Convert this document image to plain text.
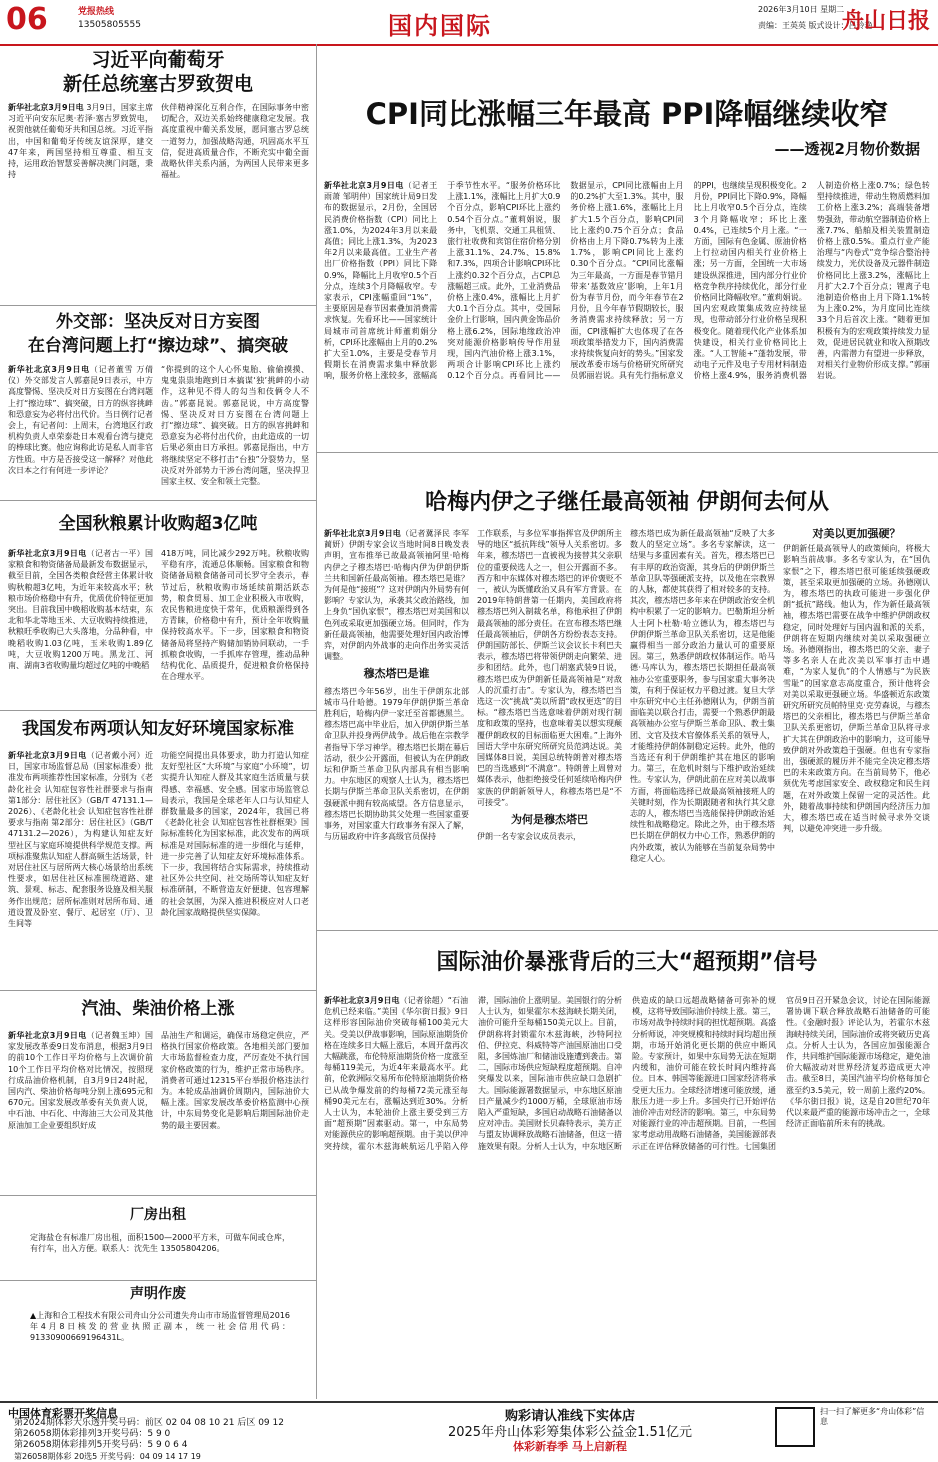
06	党报热线
13505805555	国内国际
2026年3月10日 星期二
责编：王英英 版式设计：吕玲艳
舟山日报
习近平向葡萄牙
新任总统塞古罗致贺电
新华社北京3月9日电 3月9日，国家主席习近平向安东尼奥·若泽·塞古罗致贺电，祝贺他就任葡萄牙共和国总统。习近平指出，中国和葡萄牙传统友谊深厚，建交47年来，两国坚持相互尊重、相互支持，运用政治智慧妥善解决澳门问题，秉持
伙伴精神深化互利合作，在国际事务中密切配合，双边关系始终健康稳定发展。我高度重视中葡关系发展，愿同塞古罗总统一道努力，加强战略沟通，巩固高水平互信，促进高质量合作，不断充实中葡全面战略伙伴关系内涵，为两国人民带来更多福祉。
外交部：坚决反对日方妄图
在台湾问题上打“擦边球”、搞突破
新华社北京3月9日电（记者董雪 万倩仪）外交部发言人郭嘉昆9日表示，中方高度警惕、坚决反对日方妄图在台湾问题上打“擦边球”、搞突破，日方的纵容挑衅和恐意妄为必将付出代价。当日例行记者会上，有记者问：上周末，台湾地区行政机构负责人卓荣泰赴日本观看台湾与捷克的棒球比赛。他应询称此访是私人而非官方性质。中方是否接受这一解释？对他此次日本之行有何进一步评论？
“你提到的这个人心怀鬼胎、偷偷摸摸、鬼鬼祟祟地跑到日本搞谋‘独’挑衅的小动作，这种见不得人的勾当和伎俩令人不齿。”郭嘉昆说。郭嘉昆说，中方高度警惕、坚决反对日方妄图在台湾问题上打“擦边球”、搞突破。日方的纵容挑衅和恐意妄为必将付出代价，由此造成的一切后果必须由日方承担。郭嘉昆指出，中方将继续坚定不移打击“台独”分裂势力，坚决反对外部势力干涉台湾问题，坚决捍卫国家主权、安全和领土完整。
全国秋粮累计收购超3亿吨
新华社北京3月9日电（记者古一平）国家粮食和物资储备局最新发布数据显示，截至目前，全国各类粮食经营主体累计收购秋粮超3亿吨，为近年来较高水平；秋粮市场价格稳中有升，优质优价特征更加突出。目前我国中晚稻收购基本结束，东北和华北等地玉米、大豆收购持续推进，秋粮旺季收购已大头落地，分品种看，中晚稻收购1.03亿吨，玉米收购1.89亿吨，大豆收购1200万吨。黑龙江、河南、湖南3省收购量均超过亿吨的中晚稻
418万吨，同比减少292万吨。秋粮收购平稳有序，流通总体顺畅。国家粮食和物资储备局粮食储备司司长罗守全表示，春节过后，秋粮收购市场延续前期活跃态势，粮食贸易、加工企业积极入市收购，农民售粮进度快于常年，优质粮源得到各方青睐，价格稳中有升，预计全年收购量保持较高水平。下一步，国家粮食和物资储备局将坚持产购储加销协同联动，一手抓粮食收购，一手抓库存管理，推动品种结构优化、品质提升，促进粮食价格保持在合理水平。
我国发布两项认知友好环境国家标准
新华社北京3月9日电（记者戴小河）近日，国家市场监督总局（国家标准委）批准发布两项推荐性国家标准，分别为《老龄化社会 认知症包容性社群要求与指南 第1部分：居住社区》（GB/T 47131.1—2026）、《老龄化社会 认知症包容性社群要求与指南 第2部分：居住社区》（GB/T 47131.2—2026），为构建认知症友好型社区与家庭环境提供科学规范支撑。两项标准聚焦认知症人群高频生活场景，针对居住社区与居所两大核心场景给出系统性要求，如居住社区标准围绕道路、建筑、景观、标志、配套服务设施及相关服务作出规范；居所标准则对居所布局、通道设置及卧室、餐厅、起居室（厅）、卫生间等
功能空间提出具体要求，助力打造认知症友好型社区“大环境”与家庭“小环境”，切实提升认知症人群及其家庭生活质量与获得感、幸福感、安全感。国家市场监管总局表示，我国是全球老年人口与认知症人群数量最多的国家，2024年，我国已将《老龄化社会 认知症包容性社群框架》国际标准转化为国家标准，此次发布的两项标准是对国际标准的进一步细化与延伸，进一步完善了认知症友好环境标准体系。下一步，我国将结合实际需求，持续推动社区外公共空间、社交场所等认知症友好标准研制，不断营造友好便捷、包容理解的社会氛围，为深入推进积极应对人口老龄化国家战略提供坚实保障。
汽油、柴油价格上涨
新华社北京3月9日电（记者魏玉坤）国家发展改革委9日发布消息，根据3月9日的前10个工作日平均价格与上次调价前10个工作日平均价格对比情况，按照现行成品油价格机制，自3月9日24时起，国内汽、柴油价格每吨分别上涨695元和670元。国家发展改革委有关负责人说，中石油、中石化、中海油三大公司及其他原油加工企业要组织好成
品油生产和调运，确保市场稳定供应，严格执行国家价格政策。各地相关部门要加大市场监督检查力度，严厉查处不执行国家价格政策的行为，维护正常市场秩序。消费者可通过12315平台举报价格违法行为。本轮成品油调价周期内，国际油价大幅上涨。国家发展改革委价格监测中心预计，中东局势变化是影响后期国际油价走势的最主要因素。
厂房出租
定海盐仓有标准厂房出租，面积1500—2000平方米，可做车间或仓库，有行车，出入方便。联系人：沈先生 13505804206。
声明作废
▲上海和合工程技术有限公司舟山分公司遗失舟山市市场监督管理局2016年4月8日核发的营业执照正副本，统一社会信用代码：91330900669196431L。
CPI同比涨幅三年最高 PPI降幅继续收窄
——透视2月物价数据
新华社北京3月9日电（记者王雨萧 邹明仲）国家统计局9日发布的数据显示，2月份，全国居民消费价格指数（CPI）同比上涨1.0%，为2024年3月以来最高值；同比上涨1.3%，为2023年2月以来最高值。工业生产者出厂价格指数（PPI）同比下降0.9%，降幅比上月收窄0.5个百分点，连续3个月降幅收窄。专家表示，CPI涨幅重回“1%”，主要原因是春节因素叠加消费需求恢复。先看环比——国家统计局城市司首席统计师董莉娟分析，CPI环比涨幅由上月的0.2%扩大至1.0%，主要是受春节月假期长在消费需求集中释放影响，服务价格上涨较多，涨幅高于季节性水平。“服务价格环比上涨1.1%，涨幅比上月扩大0.9个百分点，影响CPI环比上涨约0.54个百分点。”董莉娟说，服务中，飞机票、交通工具租赁、旅行社收费和宾馆住宿价格分别上涨31.1%、24.7%、15.8%和7.3%，四项合计影响CPI环比上涨约0.32个百分点，占CPI总涨幅超三成。此外，工业消费品价格上涨0.4%，涨幅比上月扩大0.1个百分点。其中，受国际金价上行影响，国内黄金饰品价格上涨6.2%，国际地缘政治冲突对能源价格影响传导作用显现，国内汽油价格上涨3.1%，两项合计影响CPI环比上涨约0.12个百分点。再看同比——数据显示，CPI同比涨幅由上月的0.2%扩大至1.3%。其中，服务价格上涨1.6%，涨幅比上月扩大1.5个百分点，影响CPI同比上涨约0.75个百分点；食品价格由上月下降0.7%转为上涨1.7%，影响CPI同比上涨约0.30个百分点。“CPI同比涨幅为三年最高，一方面是春节错月带来‘基数效应’影响，上年1月份为春节月份，而今年春节在2月份，且今年春节假期较长，服务消费需求持续释放；另一方面，CPI涨幅扩大也体现了在各项政策举措发力下，国内消费需求持续恢复向好的势头。”国家发展改革委市场与价格研究所研究员郭丽岩说。具有先行指标意义的PPI，也继续呈现积极变化。2月份，PPI同比下降0.9%，降幅比上月收窄0.5个百分点，连续3个月降幅收窄；环比上涨0.4%，已连续5个月上涨。“一方面，国际有色金属、原油价格上行拉动国内相关行业价格上涨；另一方面，全国统一大市场建设纵深推进，国内部分行业价格竞争秩序持续优化，部分行业价格同比降幅收窄。”董莉娟说。国内宏观政策集成效应持续显现，也带动部分行业价格呈现积极变化。随着现代化产业体系加快建设，相关行业价格同比上涨。“人工智能+”蓬勃发展，带动电子元件及电子专用材料制造价格上涨4.9%，服务消费机器人制造价格上涨0.7%；绿色转型持续推进，带动生物质燃料加工价格上涨3.2%；高端装备增势强劲，带动航空器制造价格上涨7.7%、船舶及相关装置制造价格上涨0.5%。重点行业产能治理与“内卷式”竞争综合整治持续发力，光伏设备及元器件制造价格同比上涨3.2%，涨幅比上月扩大2.7个百分点；锂离子电池制造价格由上月下降1.1%转为上涨0.2%，为月度同比连续33个月后首次上涨。“随着更加积极有为的宏观政策持续发力显效，促进居民就业和收入预期改善，内需潜力有望进一步释放，对相关行业物价形成支撑。”郭丽岩说。
哈梅内伊之子继任最高领袖 伊朗何去何从
新华社北京3月9日电（记者冀泽民 李军 蔺妍）伊朗专家会议当地时间8日晚发表声明，宣布推举已故最高领袖阿里·哈梅内伊之子穆杰塔巴·哈梅内伊为伊朗伊斯兰共和国新任最高领袖。穆杰塔巴是谁？为何是他“接班”？这对伊朗内外局势有何影响？专家认为，承袭其父政治路线，加上身负“国仇家恨”，穆杰塔巴对美国和以色列或采取更加强硬立场。但同时，作为新任最高领袖，他需要处理好国内政治博弈，对伊朗内外战事的走向作出务实灵活调整。
穆杰塔巴是谁
穆杰塔巴今年56岁，出生于伊朗东北部城市马什哈德。1979年伊朗伊斯兰革命胜利后，哈梅内伊一家迁至首都德黑兰。穆杰塔巴高中毕业后，加入伊朗伊斯兰革命卫队并投身两伊战争。战后他在宗教学者指导下学习神学。穆杰塔巴长期在幕后活动，很少公开露面，但被认为在伊朗政坛和伊斯兰革命卫队内部具有相当影响力。中东地区的观察人士认为，穆杰塔巴长期与伊斯兰革命卫队关系密切，在伊朗强硬派中拥有较高威望。各方信息显示，穆杰塔巴长期协助其父处理一些国家重要事务，对国家重大行政事务有深入了解，与历届政府中许多高级官员保持
工作联系，与多位军事指挥官及伊朗所主导的地区“抵抗阵线”领导人关系密切。多年来，穆杰塔巴一直被视为接替其父亲职位的重要候选人之一，但公开露面不多。西方和中东媒体对穆杰塔巴的评价褒贬不一，被认为既懂政治又具有军方背景。在2019年特朗普第一任期内，美国政府将穆杰塔巴列入制裁名单，称他承担了伊朗最高领袖的部分责任。在宣布穆杰塔巴继任最高领袖后，伊朗各方纷纷表态支持。伊朗国防部长、伊斯兰议会议长卡利巴夫表示，穆杰塔巴将带领伊朗走向繁荣、进步和团结。此外，也门胡塞武装9日说，穆杰塔巴成为伊朗新任最高领袖是“对敌人的沉重打击”。专家认为，穆杰塔巴当选这一次“挑战”美以所谓“政权更迭”的目标。“穆杰塔巴当选意味着伊朗对现行制度和政策的坚持，也意味着美以想实现颠覆伊朗政权的目标面临更大困难。”上海外国语大学中东研究所研究员范鸿达说。美国媒体8日说，美国总统特朗普对穆杰塔巴的当选感到“不满意”。特朗普上周曾对媒体表示，他拒绝接受任何延续哈梅内伊家族的伊朗新领导人，称穆杰塔巴是“不可接受”。
为何是穆杰塔巴
伊朗一名专家会议成员表示，
穆杰塔巴成为新任最高领袖“反映了大多数人的坚定立场”。多名专家解读，这一结果与多重因素有关。首先，穆杰塔巴已有丰厚的政治资源，其身后的伊朗伊斯兰革命卫队等强硬派支持，以及他在宗教界的人脉，都使其获得了相对较多的支持。其次，穆杰塔巴多年来在伊朗政治安全机构中积累了一定的影响力。巴勒斯坦分析人士阿卜杜勒·哈立德认为，穆杰塔巴与伊朗伊斯兰革命卫队关系密切，这是他能赢得相当一部分政治力量认可的重要原因。第三，熟悉伊朗政权体制运作。哈马德·马库认为，穆杰塔巴长期担任最高领袖办公室重要职务，参与国家重大事务决策，有利于保证权力平稳过渡。复旦大学中东研究中心主任孙德刚认为，伊朗当前面临美以联合打击，需要一个熟悉伊朗最高领袖办公室与伊斯兰革命卫队、教士集团、文官及技术官僚体系关系的领导人，才能维持伊朗体制稳定运转。此外，他的当选还有利于伊朗维护其在地区的影响力。第三，在危机时刻与下维护政治延续性。专家认为，伊朗此前在应对美以战事方面，将面临选择已故最高领袖接班人的关键时刻，作为长期跟随者和执行其父意志的人，穆杰塔巴当选能保持伊朗政治延续性和战略稳定。除此之外，由于穆杰塔巴长期在伊朗权力中心工作，熟悉伊朗的内外政策，被认为能够在当前复杂局势中稳定人心。
对美以更加强硬？
伊朗新任最高领导人的政策倾向，将极大影响当前战事。多名专家认为，在“国仇家恨”之下，穆杰塔巴很可能延续强硬政策，甚至采取更加强硬的立场。孙德刚认为，穆杰塔巴的执政可能进一步强化伊朗“抵抗”路线。他认为，作为新任最高领袖，穆杰塔巴需要在战争中维护伊朗政权稳定，同时处理好与国内温和派的关系，伊朗将在短期内继续对美以采取强硬立场。孙德刚指出，穆杰塔巴的父亲、妻子等多名亲人在此次美以军事打击中遇难，“为家人复仇”的个人情感与“为民族雪耻”的国家意志高度重合，预计他将会对美以采取更强硬立场。华盛顿近东政策研究所研究员帕特里克·克劳森说，与穆杰塔巴的父亲相比，穆杰塔巴与伊斯兰革命卫队关系更密切，伊斯兰革命卫队将寻求扩大其在伊朗政治中的影响力，这可能导致伊朗对外政策趋于强硬。但也有专家指出，强硬派的履历并不能完全决定穆杰塔巴的未来政策方向。在当前局势下，他必须优先考虑国家安全、政权稳定和民生问题，在对外政策上保留一定的灵活性。此外，随着战事持续和伊朗国内经济压力加大，穆杰塔巴或在适当时候寻求外交谈判，以避免冲突进一步升级。
国际油价暴涨背后的三大“超预期”信号
新华社北京3月9日电（记者徐超）“石油危机已经来临。”美国《华尔街日报》9日这样形容国际油价突破每桶100美元大关。受美以伊战事影响，国际原油期货价格在连续多日大幅上涨后，本周开盘再次大幅跳涨，布伦特原油期货价格一度涨至每桶119美元，为近4年来最高水平。此前，伦敦洲际交易所布伦特原油期货价格已从战争爆发前的约每桶72美元涨至每桶90美元左右，涨幅达到近30%。分析人士认为，本轮油价上涨主要受到三方面“超预期”因素驱动。第一，中东局势对能源供应的影响超预期。由于美以伊冲突持续，霍尔木兹海峡航运几乎陷入停滞，国际油价上涨明显。美国银行的分析人士认为，如果霍尔木兹海峡长期关闭，油价可能升至每桶150美元以上。目前，伊朗称将封锁霍尔木兹海峡，沙特阿拉伯、伊拉克、科威特等产油国原油出口受阻，多国炼油厂和储油设施遭到袭击。第二，国际市场供应短缺程度超预期。自冲突爆发以来，国际油市供应缺口急剧扩大。国际能源署数据显示，中东地区原油日产量减少约1000万桶，全球原油市场陷入严重短缺，多国启动战略石油储备以应对冲击。美国财长贝森特表示，美方正与盟友协调释放战略石油储备，但这一措施效果有限。分析人士认为，中东地区断供造成的缺口远超战略储备可弥补的规模，这将导致国际油价持续上涨。第三，市场对战争持续时间的担忧超预期。高盛分析师说，冲突规模和持续时间均超出预期，市场开始消化更长期的供应中断风险。专家预计，如果中东局势无法在短期内缓和，油价可能在较长时间内维持高位。日本、韩国等能源进口国家经济将承受更大压力。全球经济增速可能放缓，通胀压力进一步上升。多国央行已开始评估油价冲击对经济的影响。第三，中东局势对能源行业的冲击超预期。目前，一些国家考虑动用战略石油储备，美国能源部表示正在评估释放储备的可行性。七国集团官员9日召开紧急会议，讨论在国际能源署协调下联合释放战略石油储备的可能性。《金融时报》评论认为，若霍尔木兹海峡持续关闭，国际油价或将突破历史高点。分析人士认为，各国应加强能源合作，共同维护国际能源市场稳定，避免油价大幅波动对世界经济复苏造成更大冲击。截至8日，美国汽油平均价格每加仑涨至约3.5美元，较一周前上涨约20%。《华尔街日报》说，这是自20世纪70年代以来最严重的能源市场冲击之一，全球经济正面临前所未有的挑战。
中国体育彩票开奖信息
第2024期体彩大乐透开奖号码：前区 02 04 08 10 21 后区 09 12
第26058期体彩排列3开奖号码：5 9 0
第26058期体彩排列5开奖号码：5 9 0 6 4
购彩请认准线下实体店
2025年舟山体彩筹集体彩公益金1.51亿元
体彩新春季 马上启新程
扫一扫了解更多“舟山体彩”信息
第26058期体彩 20选5 开奖号码：04 09 14 17 19
